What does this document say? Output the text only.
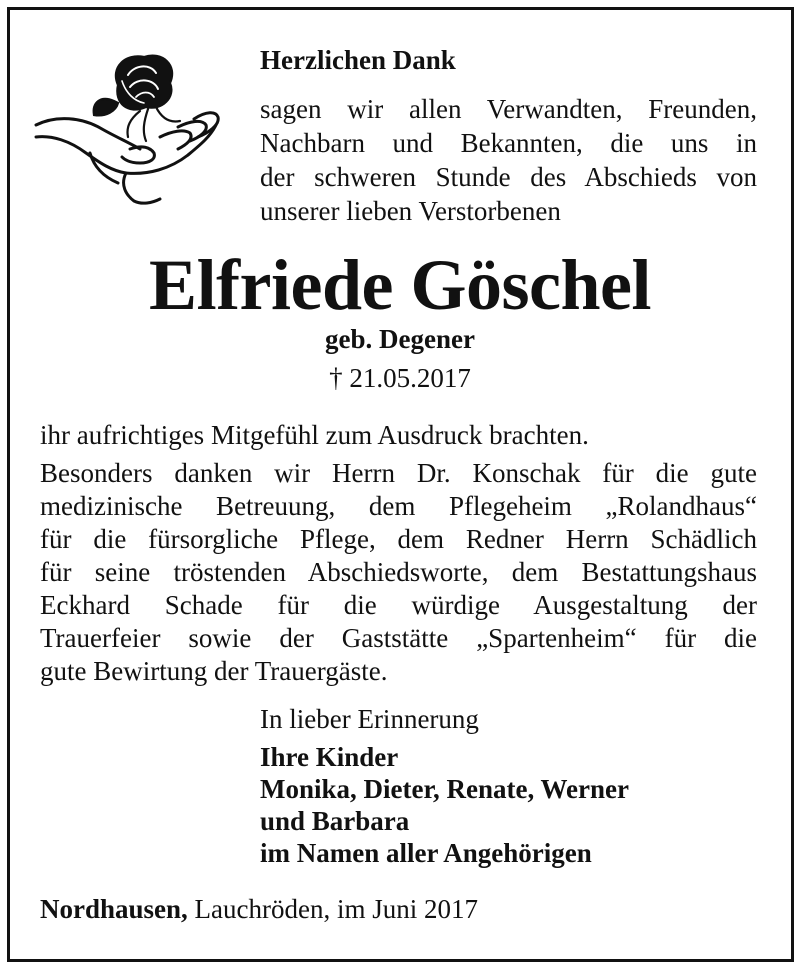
Herzlichen Dank
sagen wir allen Verwandten, Freunden,
Nachbarn und Bekannten, die uns in
der schweren Stunde des Abschieds von
unserer lieben Verstorbenen
Elfriede Göschel
geb. Degener
† 21.05.2017
ihr aufrichtiges Mitgefühl zum Ausdruck brachten.
Besonders danken wir Herrn Dr. Konschak für die gute
medizinische Betreuung, dem Pflegeheim „Rolandhaus“
für die fürsorgliche Pflege, dem Redner Herrn Schädlich
für seine tröstenden Abschiedsworte, dem Bestattungshaus
Eckhard Schade für die würdige Ausgestaltung der
Trauerfeier sowie der Gaststätte „Spartenheim“ für die
gute Bewirtung der Trauergäste.
In lieber Erinnerung
Ihre Kinder
Monika, Dieter, Renate, Werner
und Barbara
im Namen aller Angehörigen
Nordhausen, Lauchröden, im Juni 2017
